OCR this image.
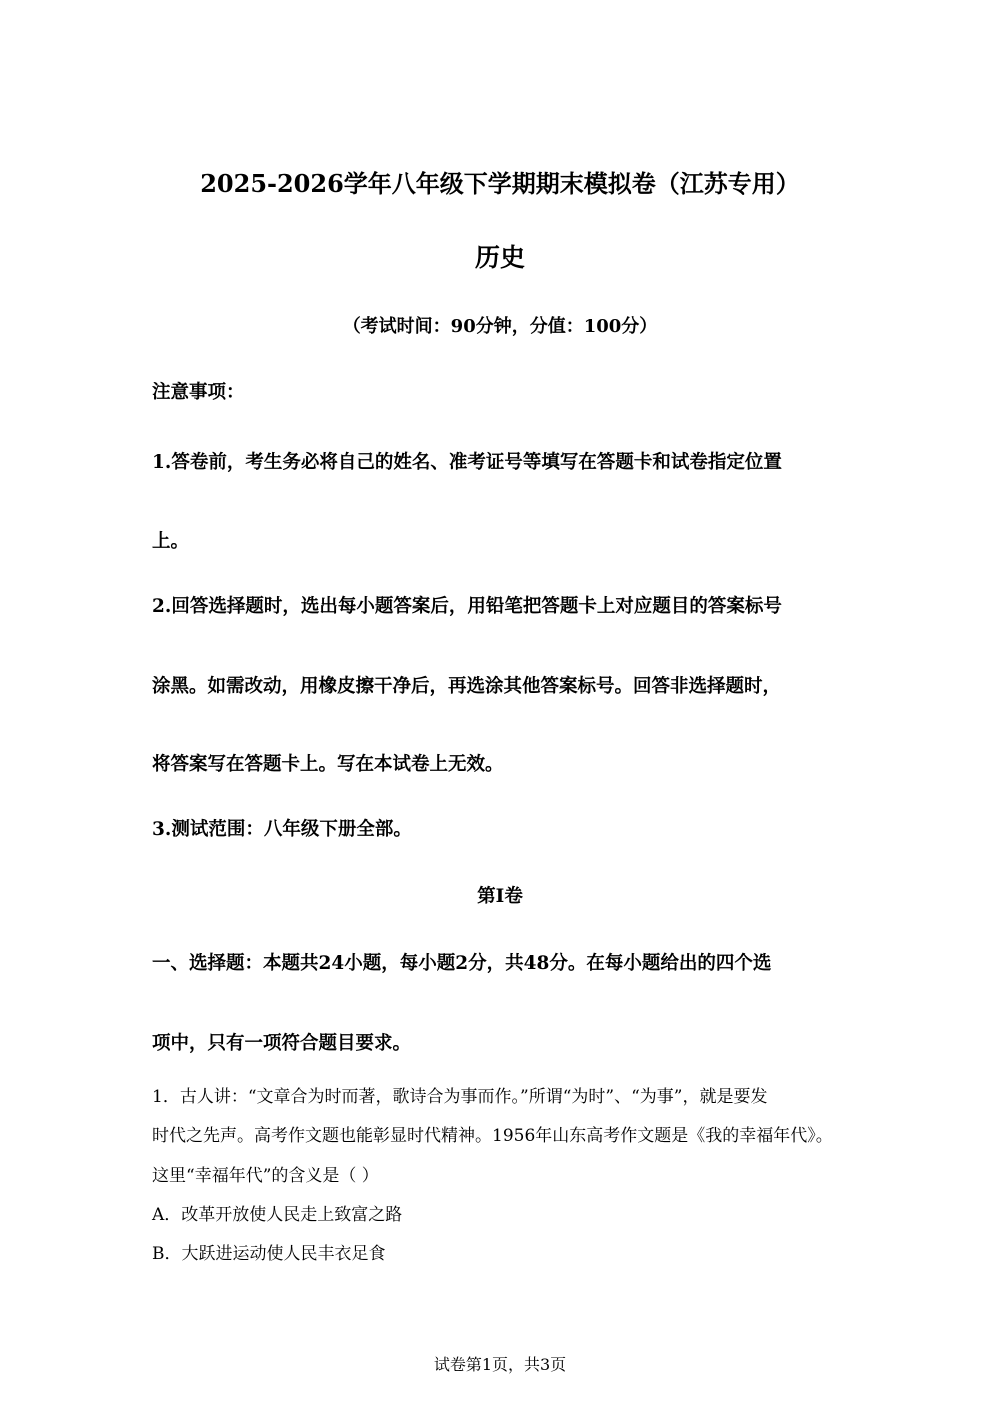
2025-2026学年八年级下学期期末模拟卷（江苏专用）
历史
（考试时间：90分钟，分值：100分）
注意事项：
1.答卷前，考生务必将自己的姓名、准考证号等填写在答题卡和试卷指定位置
上。
2.回答选择题时，选出每小题答案后，用铅笔把答题卡上对应题目的答案标号
涂黑。如需改动，用橡皮擦干净后，再选涂其他答案标号。回答非选择题时，
将答案写在答题卡上。写在本试卷上无效。
3.测试范围：八年级下册全部。
第Ⅰ卷
一、选择题：本题共24小题，每小题2分，共48分。在每小题给出的四个选
项中，只有一项符合题目要求。
1．古人讲：“文章合为时而著，歌诗合为事而作。”所谓“为时”、“为事”，就是要发
时代之先声。高考作文题也能彰显时代精神。1956年山东高考作文题是《我的幸福年代》。
这里“幸福年代”的含义是（ ）
A．改革开放使人民走上致富之路
B．大跃进运动使人民丰衣足食
试卷第1页，共3页
